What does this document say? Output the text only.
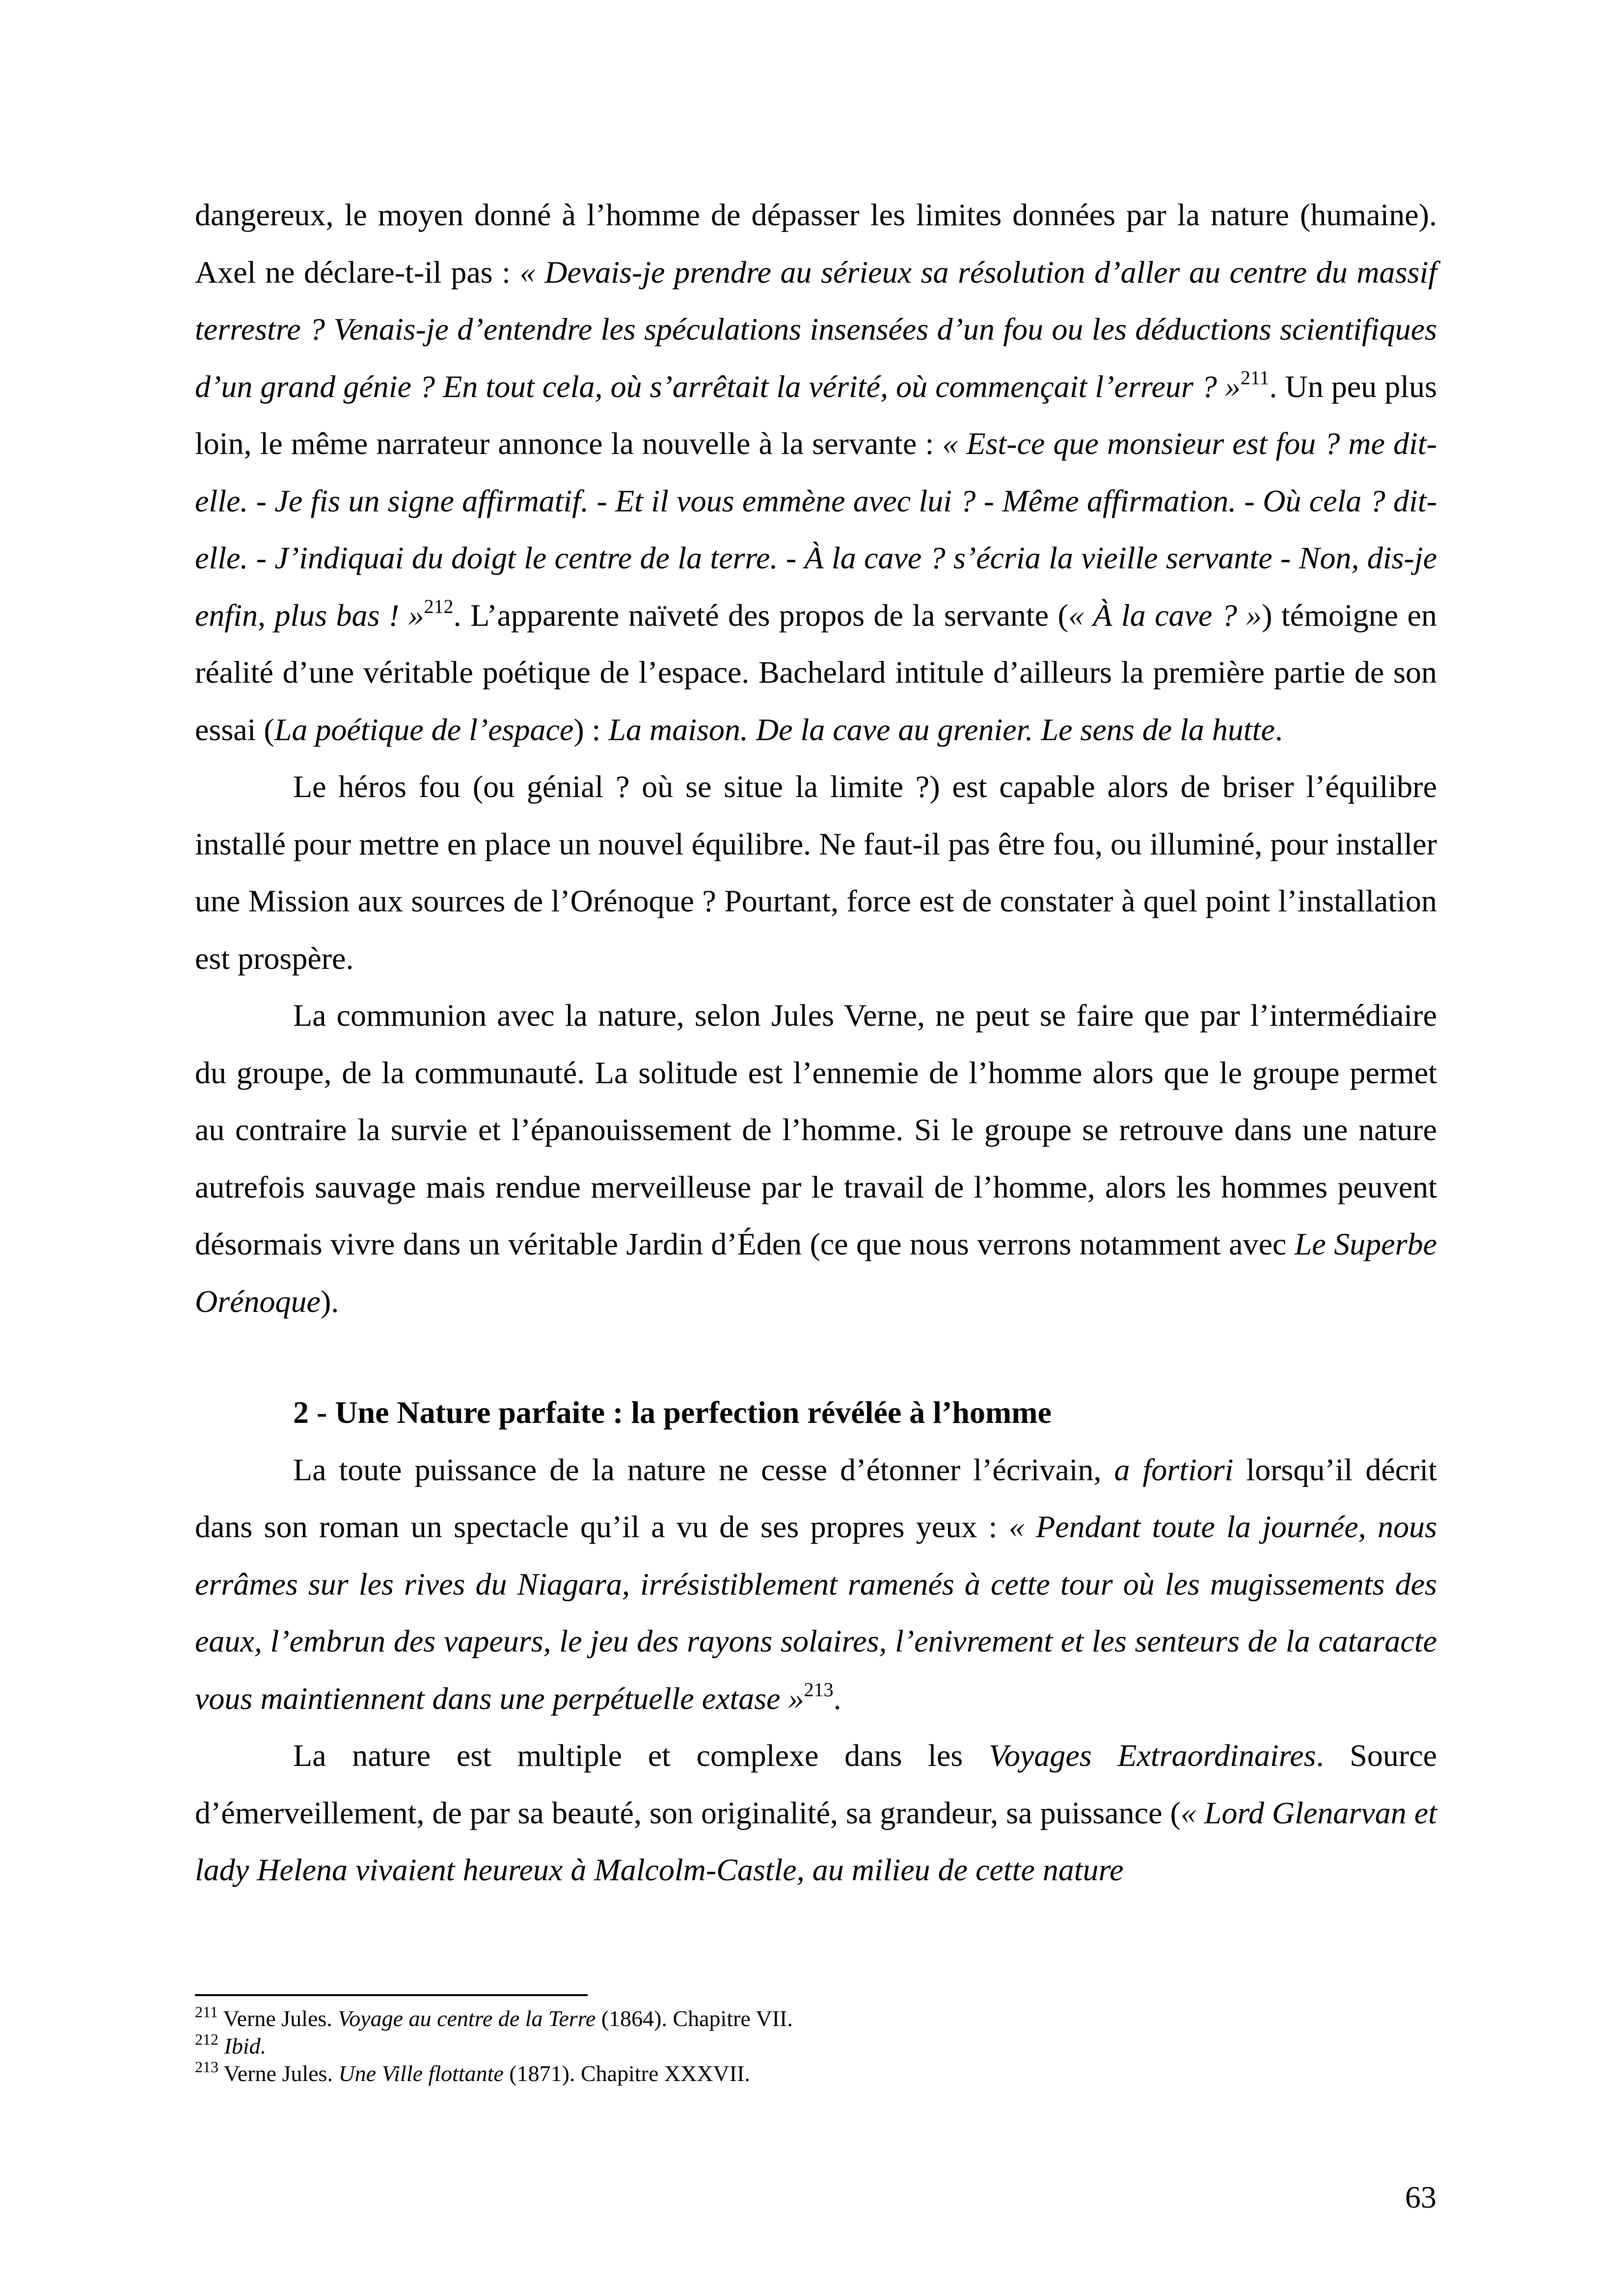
dangereux, le moyen donné à l’homme de dépasser les limites données par la nature (humaine). Axel ne déclare-t-il pas : « Devais-je prendre au sérieux sa résolution d’aller au centre du massif terrestre ? Venais-je d’entendre les spéculations insensées d’un fou ou les déductions scientifiques d’un grand génie ? En tout cela, où s’arrêtait la vérité, où commençait l’erreur ? »$^{211}$. Un peu plus loin, le même narrateur annonce la nouvelle à la servante : « Est-ce que monsieur est fou ? me dit-elle. - Je fis un signe affirmatif. - Et il vous emmène avec lui ? - Même affirmation. - Où cela ? dit-elle. - J’indiquai du doigt le centre de la terre. - À la cave ? s’écria la vieille servante - Non, dis-je enfin, plus bas ! »$^{212}$. L’apparente naïveté des propos de la servante (« À la cave ? ») témoigne en réalité d’une véritable poétique de l’espace. Bachelard intitule d’ailleurs la première partie de son essai (La poétique de l’espace) : La maison. De la cave au grenier. Le sens de la hutte.

Le héros fou (ou génial ? où se situe la limite ?) est capable alors de briser l’équilibre installé pour mettre en place un nouvel équilibre. Ne faut-il pas être fou, ou illuminé, pour installer une Mission aux sources de l’Orénoque ? Pourtant, force est de constater à quel point l’installation est prospère.

La communion avec la nature, selon Jules Verne, ne peut se faire que par l’intermédiaire du groupe, de la communauté. La solitude est l’ennemie de l’homme alors que le groupe permet au contraire la survie et l’épanouissement de l’homme. Si le groupe se retrouve dans une nature autrefois sauvage mais rendue merveilleuse par le travail de l’homme, alors les hommes peuvent désormais vivre dans un véritable Jardin d’Éden (ce que nous verrons notamment avec Le Superbe Orénoque).

2 - Une Nature parfaite : la perfection révélée à l’homme

La toute puissance de la nature ne cesse d’étonner l’écrivain, a fortiori lorsqu’il décrit dans son roman un spectacle qu’il a vu de ses propres yeux : « Pendant toute la journée, nous errâmes sur les rives du Niagara, irrésistiblement ramenés à cette tour où les mugissements des eaux, l’embrun des vapeurs, le jeu des rayons solaires, l’enivrement et les senteurs de la cataracte vous maintiennent dans une perpétuelle extase »$^{213}$.

La nature est multiple et complexe dans les Voyages Extraordinaires. Source d’émerveillement, de par sa beauté, son originalité, sa grandeur, sa puissance (« Lord Glenarvan et lady Helena vivaient heureux à Malcolm-Castle, au milieu de cette nature

$^{211}$ Verne Jules. Voyage au centre de la Terre (1864). Chapitre VII.
$^{212}$ Ibid.
$^{213}$ Verne Jules. Une Ville flottante (1871). Chapitre XXXVII.
63
